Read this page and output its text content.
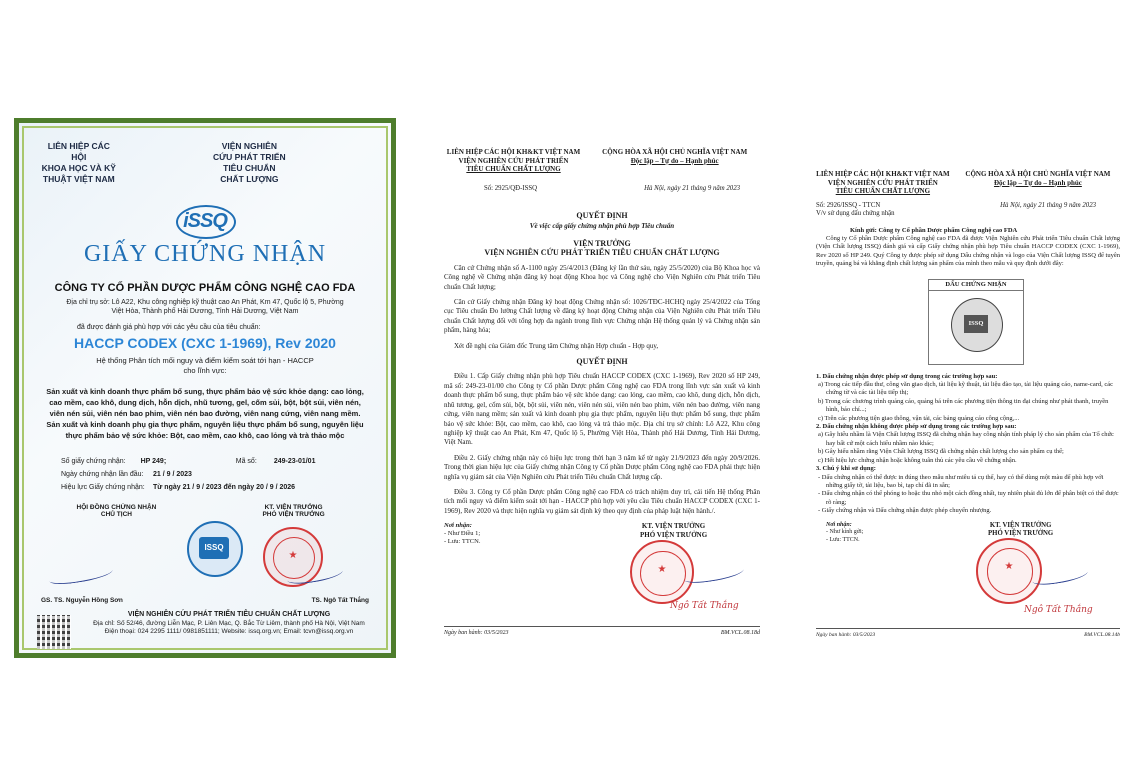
LIÊN HIỆP CÁC HỘI
KHOA HỌC VÀ KỸ THUẬT VIỆT NAM
VIỆN NGHIÊN CỨU PHÁT TRIỂN
TIÊU CHUẨN CHẤT LƯỢNG
iSSQ
GIẤY CHỨNG NHẬN
CÔNG TY CỔ PHẦN DƯỢC PHẨM CÔNG NGHỆ CAO FDA
Địa chỉ trụ sở: Lô A22, Khu công nghiệp kỹ thuật cao An Phát, Km 47, Quốc lộ 5, Phường Việt Hòa, Thành phố Hải Dương, Tỉnh Hải Dương, Việt Nam
đã được đánh giá phù hợp với các yêu cầu của tiêu chuẩn:
HACCP CODEX (CXC 1-1969), Rev 2020
Hệ thống Phân tích mối nguy và điểm kiểm soát tới hạn - HACCP
cho lĩnh vực:
Sản xuất và kinh doanh thực phẩm bổ sung, thực phẩm bảo vệ sức khỏe dạng: cao lỏng, cao mềm, cao khô, dung dịch, hỗn dịch, nhũ tương, gel, cốm sủi, bột, bột sủi, viên nén, viên nén sủi, viên nén bao phim, viên nén bao đường, viên nang cứng, viên nang mềm. Sản xuất và kinh doanh phụ gia thực phẩm, nguyên liệu thực phẩm bổ sung, nguyên liệu thực phẩm bảo vệ sức khỏe: Bột, cao mềm, cao khô, cao lỏng và trà thảo mộc
Số giấy chứng nhận:	HP 249;	Mã số:	249-23-01/01
Ngày chứng nhận lần đầu:	21 / 9 / 2023
Hiệu lực Giấy chứng nhận:	Từ ngày 21 / 9 / 2023 đến ngày 20 / 9 / 2026
HỘI ĐỒNG CHỨNG NHẬN
CHỦ TỊCH
KT. VIỆN TRƯỞNG
PHÓ VIỆN TRƯỞNG
ISSQ
★
GS. TS. Nguyễn Hồng Sơn	TS. Ngô Tất Thắng
VIỆN NGHIÊN CỨU PHÁT TRIỂN TIÊU CHUẨN CHẤT LƯỢNG
Địa chỉ: Số 52/46, đường Liễn Mạc, P. Liên Mạc, Q. Bắc Từ Liêm, thành phố Hà Nội, Việt Nam
Điện thoại: 024 2295 1111/ 0981851111; Website: issq.org.vn; Email: tcvn@issq.org.vn
LIÊN HIỆP CÁC HỘI KH&KT VIỆT NAM
VIỆN NGHIÊN CỨU PHÁT TRIỂN
TIÊU CHUẨN CHẤT LƯỢNG
CỘNG HÒA XÃ HỘI CHỦ NGHĨA VIỆT NAM
Độc lập – Tự do – Hạnh phúc
Số: 2925/QĐ-ISSQ	Hà Nội, ngày 21 tháng 9 năm 2023
QUYẾT ĐỊNH
Về việc cấp giấy chứng nhận phù hợp Tiêu chuẩn
VIỆN TRƯỞNG
VIỆN NGHIÊN CỨU PHÁT TRIỂN TIÊU CHUẨN CHẤT LƯỢNG

Căn cứ Chứng nhận số A-1100 ngày 25/4/2013 (Đăng ký lần thứ sáu, ngày 25/5/2020) của Bộ Khoa học và Công nghệ về Chứng nhận đăng ký hoạt động Khoa học và Công nghệ cho Viện Nghiên cứu Phát triển Tiêu chuẩn Chất lượng;

Căn cứ Giấy chứng nhận Đăng ký hoạt động Chứng nhận số: 1026/TĐC-HCHQ ngày 25/4/2022 của Tổng cục Tiêu chuẩn Đo lường Chất lượng về đăng ký hoạt động Chứng nhận của Viện Nghiên cứu Phát triển Tiêu chuẩn Chất lượng đối với tổng hợp đa ngành trong lĩnh vực Chứng nhận Hệ thống quản lý và Chứng nhận sản phẩm, hàng hóa;

Xét đề nghị của Giám đốc Trung tâm Chứng nhận Hợp chuẩn - Hợp quy,

QUYẾT ĐỊNH

Điều 1. Cấp Giấy chứng nhận phù hợp Tiêu chuẩn HACCP CODEX (CXC 1-1969), Rev 2020 số HP 249, mã số: 249-23-01/00 cho Công ty Cổ phần Dược phẩm Công nghệ cao FDA trong lĩnh vực sản xuất và kinh doanh thực phẩm bổ sung, thực phẩm bảo vệ sức khỏe dạng: cao lỏng, cao mềm, cao khô, dung dịch, hỗn dịch, nhũ tương, gel, cốm sủi, bột, bột sủi, viên nén, viên nén sủi, viên nén bao phim, viên nén bao đường, viên nang cứng, viên nang mềm; sản xuất và kinh doanh phụ gia thực phẩm, nguyên liệu thực phẩm bổ sung, thực phẩm bảo vệ sức khỏe: Bột, cao mềm, cao khô, cao lỏng và trà thảo mộc. Địa chỉ trụ sở chính: Lô A22, Khu công nghiệp kỹ thuật cao An Phát, Km 47, Quốc lộ 5, Phường Việt Hòa, Thành phố Hải Dương, Tỉnh Hải Dương, Việt Nam.

Điều 2. Giấy chứng nhận này có hiệu lực trong thời hạn 3 năm kể từ ngày 21/9/2023 đến ngày 20/9/2026. Trong thời gian hiệu lực của Giấy chứng nhận Công ty Cổ phần Dược phẩm Công nghệ cao FDA phải thực hiện nghĩa vụ giám sát của Viện Nghiên cứu Phát triển Tiêu chuẩn Chất lượng cấp.

Điều 3. Công ty Cổ phần Dược phẩm Công nghệ cao FDA có trách nhiệm duy trì, cải tiến Hệ thống Phân tích mối nguy và điểm kiểm soát tới hạn - HACCP phù hợp với yêu cầu Tiêu chuẩn HACCP CODEX (CXC 1-1969), Rev 2020 và thực hiện nghĩa vụ giám sát định kỳ theo quy định của pháp luật hiện hành./.

Nơi nhận:
- Như Điều 1;
- Lưu: TTCN.
KT. VIỆN TRƯỞNG
PHÓ VIỆN TRƯỞNG
★
Ngô Tất Thắng
Ngày ban hành: 03/5/2023	BM.VCL.08.18d
LIÊN HIỆP CÁC HỘI KH&KT VIỆT NAM
VIỆN NGHIÊN CỨU PHÁT TRIỂN
TIÊU CHUẨN CHẤT LƯỢNG
CỘNG HÒA XÃ HỘI CHỦ NGHĨA VIỆT NAM
Độc lập – Tự do – Hạnh phúc
Số: 2926/ISSQ - TTCN
V/v sử dụng dấu chứng nhận
Hà Nội, ngày 21 tháng 9 năm 2023
Kính gửi: Công ty Cổ phần Dược phẩm Công nghệ cao FDA

Công ty Cổ phần Dược phẩm Công nghệ cao FDA đã được Viện Nghiên cứu Phát triển Tiêu chuẩn Chất lượng (Viện Chất lượng ISSQ) đánh giá và cấp Giấy chứng nhận phù hợp Tiêu chuẩn HACCP CODEX (CXC 1-1969), Rev 2020 số HP 249. Quý Công ty được phép sử dụng Dấu chứng nhận và logo của Viện Chất lượng ISSQ để tuyên truyền, quảng bá và khẳng định chất lượng sản phẩm của mình theo mẫu và quy định dưới đây:

DẤU CHỨNG NHẬN
ISSQ
1. Dấu chứng nhận được phép sử dụng trong các trường hợp sau:
a) Trong các tiếp đầu thư, công văn giao dịch, tài liệu kỹ thuật, tài liệu đào tạo, tài liệu quảng cáo, name-card, các chứng từ và các tài liệu tiếp thị;
b) Trong các chương trình quảng cáo, quảng bá trên các phương tiện thông tin đại chúng như phát thanh, truyền hình, báo chí...;
c) Trên các phương tiện giao thông, vận tải, các bảng quảng cáo công cộng,...
2. Dấu chứng nhận không được phép sử dụng trong các trường hợp sau:
a) Gây hiểu nhầm là Viện Chất lượng ISSQ đã chứng nhận hay công nhận tính pháp lý cho sản phẩm của Tổ chức hay bất cứ một cách hiểu nhầm nào khác;
b) Gây hiểu nhầm rằng Viện Chất lượng ISSQ đã chứng nhận chất lượng cho sản phẩm cụ thể;
c) Hết hiệu lực chứng nhận hoặc không tuân thủ các yêu cầu về chứng nhận.
3. Chú ý khi sử dụng:
- Dấu chứng nhận có thể được in đúng theo mẫu như miêu tả cụ thể, hay có thể dùng một màu để phù hợp với những giấy tờ, tài liệu, bao bì, tạp chí đã in sẵn;
- Dấu chứng nhận có thể phóng to hoặc thu nhỏ một cách đồng nhất, tuy nhiên phải đủ lớn để phân biệt có thể được rõ ràng;
- Giấy chứng nhận và Dấu chứng nhận được phép chuyển nhượng.
Nơi nhận:
- Như kính gửi;
- Lưu: TTCN.
KT. VIỆN TRƯỞNG
PHÓ VIỆN TRƯỞNG
★
Ngô Tất Thắng
Ngày ban hành: 03/5/2023	BM.VCL.08.14b
